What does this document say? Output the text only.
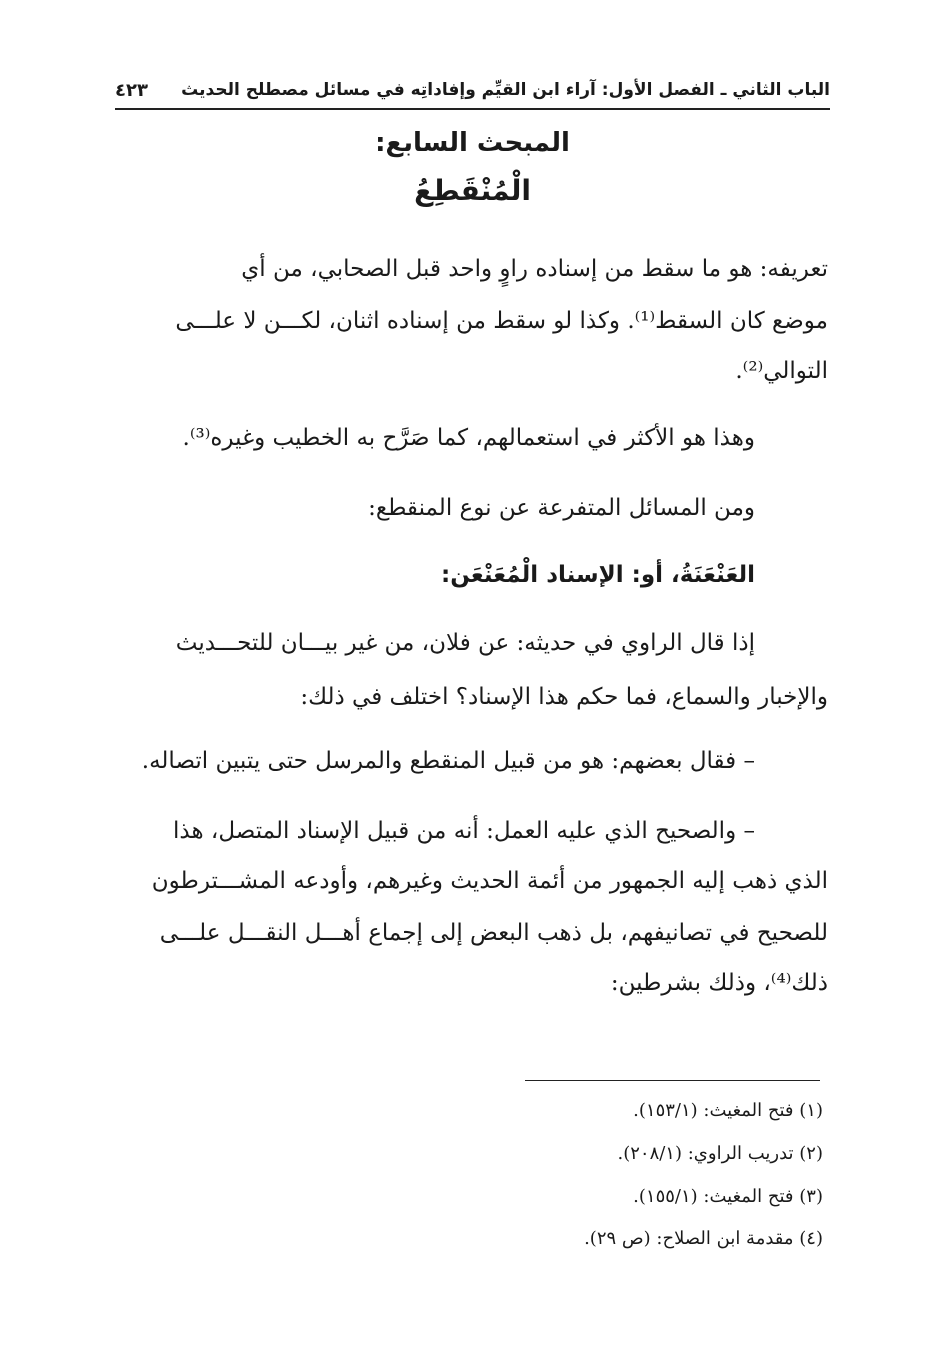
الباب الثاني ـ الفصل الأول: آراء ابن القيِّم وإفاداتِه في مسائل مصطلح الحديث
٤٢٣
المبحث السابع:
الْمُنْقَطِعُ
تعريفه: هو ما سقط من إسناده راوٍ واحد قبل الصحابي، من أي
موضع كان السقط⁽¹⁾. وكذا لو سقط من إسناده اثنان، لكـــن لا علـــى
التوالي⁽²⁾.
وهذا هو الأكثر في استعمالهم، كما صَرَّح به الخطيب وغيره⁽³⁾.
ومن المسائل المتفرعة عن نوع المنقطع:
العَنْعَنَةُ، أو: الإسناد الْمُعَنْعَن:
إذا قال الراوي في حديثه: عن فلان، من غير بيـــان للتحـــديث
والإخبار والسماع، فما حكم هذا الإسناد؟ اختلف في ذلك:
– فقال بعضهم: هو من قبيل المنقطع والمرسل حتى يتبين اتصاله.
– والصحيح الذي عليه العمل: أنه من قبيل الإسناد المتصل، هذا
الذي ذهب إليه الجمهور من أئمة الحديث وغيرهم، وأودعه المشـــترطون
للصحيح في تصانيفهم، بل ذهب البعض إلى إجماع أهـــل النقـــل علـــى
ذلك⁽⁴⁾، وذلك بشرطين:
(١) فتح المغيث: (١٥٣/١).
(٢) تدريب الراوي: (٢٠٨/١).
(٣) فتح المغيث: (١٥٥/١).
(٤) مقدمة ابن الصلاح: (ص ٢٩).
